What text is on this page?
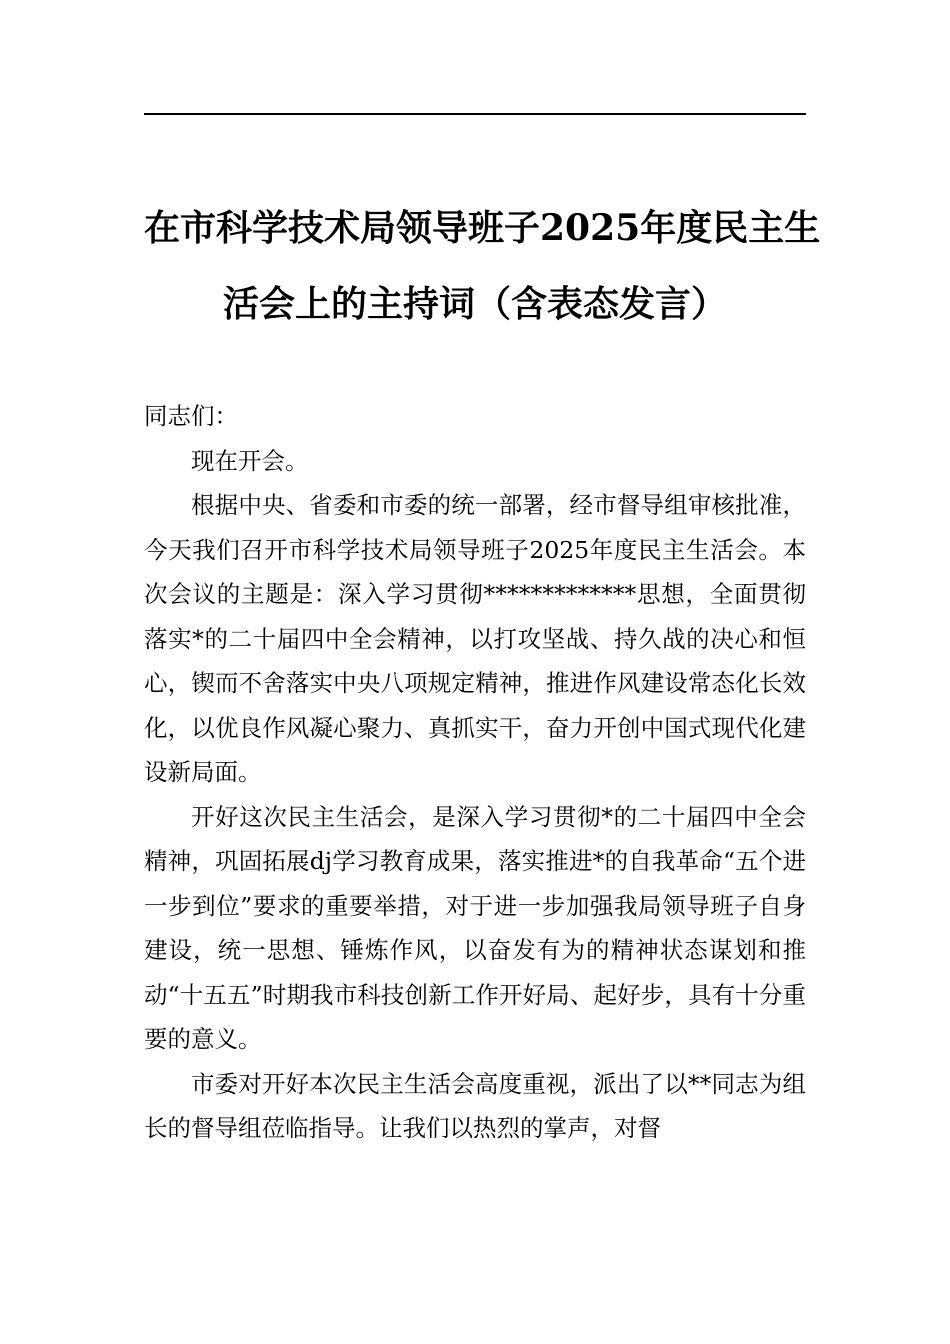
在市科学技术局领导班子2025年度民主生
活会上的主持词（含表态发言）

同志们：

现在开会。

根据中央、省委和市委的统一部署，经市督导组审核批准，今天我们召开市科学技术局领导班子2025年度民主生活会。本次会议的主题是：深入学习贯彻*************思想，全面贯彻落实*的二十届四中全会精神，以打攻坚战、持久战的决心和恒心，锲而不舍落实中央八项规定精神，推进作风建设常态化长效化，以优良作风凝心聚力、真抓实干，奋力开创中国式现代化建设新局面。

开好这次民主生活会，是深入学习贯彻*的二十届四中全会精神，巩固拓展dj学习教育成果，落实推进*的自我革命“五个进一步到位”要求的重要举措，对于进一步加强我局领导班子自身建设，统一思想、锤炼作风，以奋发有为的精神状态谋划和推动“十五五”时期我市科技创新工作开好局、起好步，具有十分重要的意义。

市委对开好本次民主生活会高度重视，派出了以**同志为组长的督导组莅临指导。让我们以热烈的掌声，对督
